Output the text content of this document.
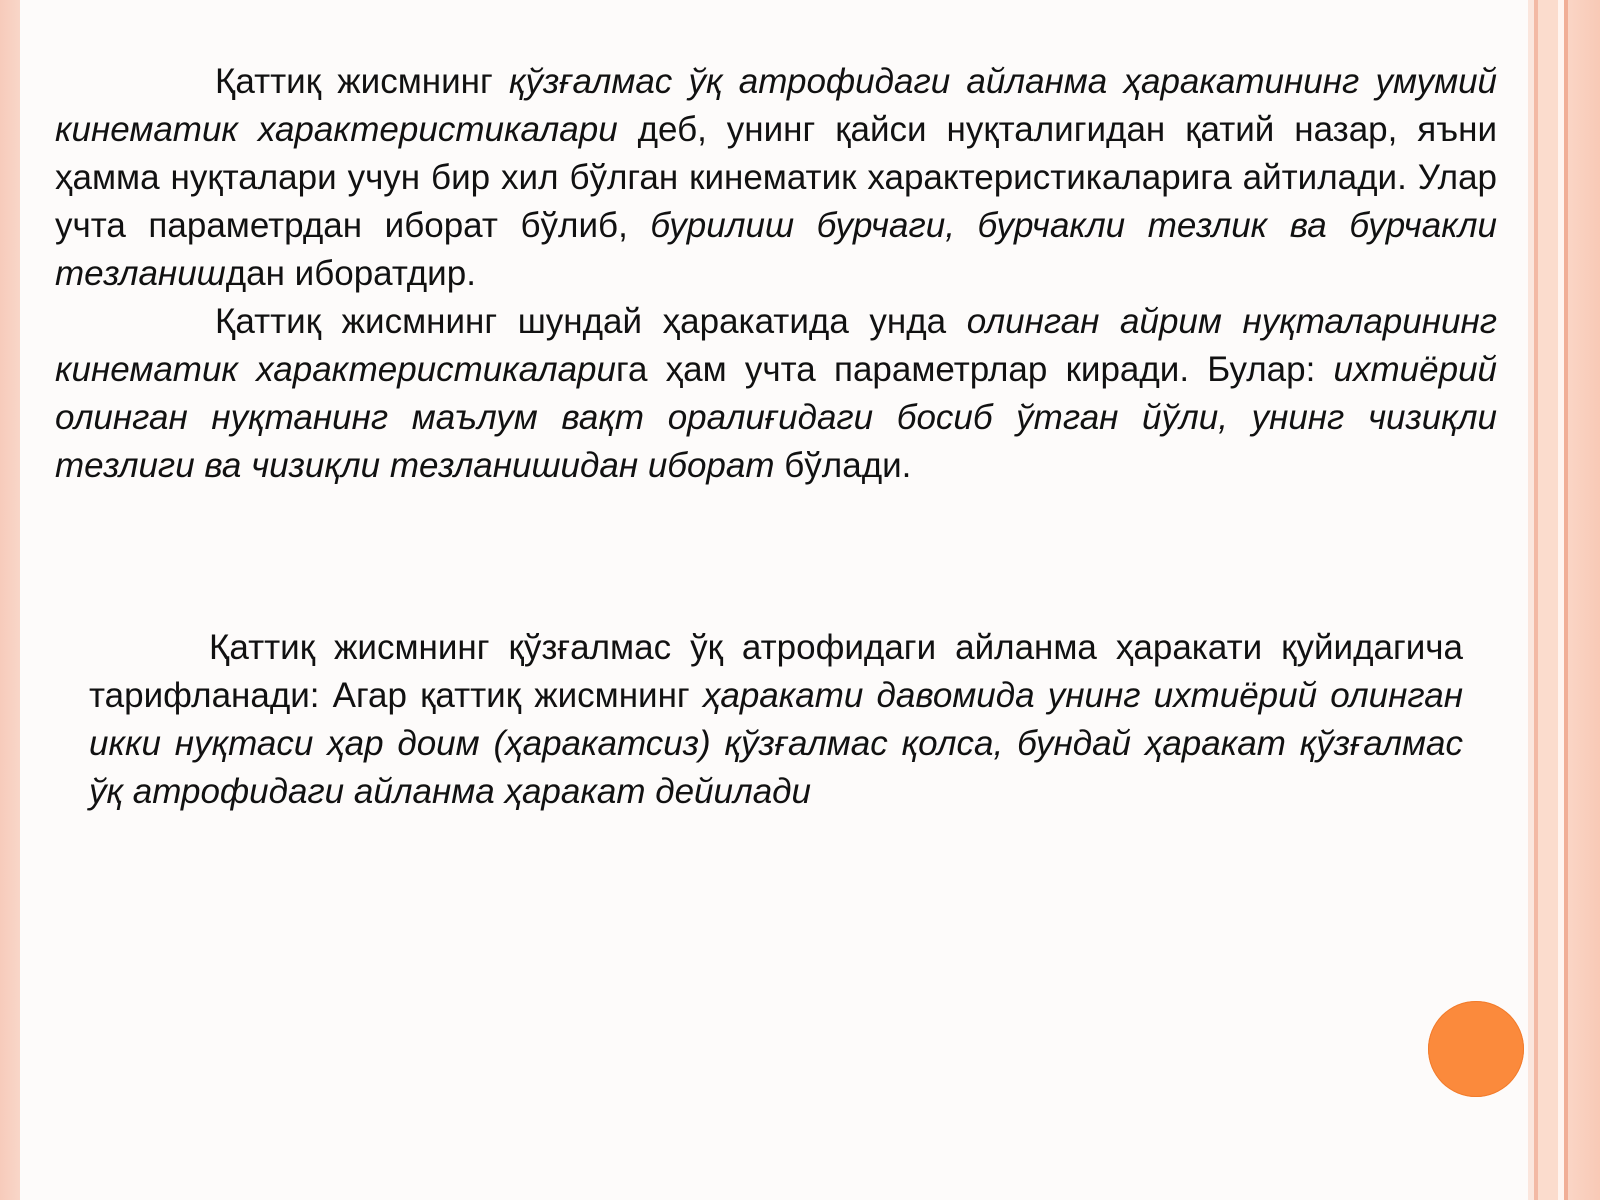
Қаттиқ жисмнинг қўзғалмас ўқ атрофидаги айланма ҳаракатининг умумий кинематик характеристикалари деб, унинг қайси нуқталигидан қатий назар, яъни ҳамма нуқталари учун бир хил бўлган кинематик характеристикаларига айтилади. Улар учта параметрдан иборат бўлиб, бурилиш бурчаги, бурчакли тезлик ва бурчакли тезланишдан иборатдир.

Қаттиқ жисмнинг шундай ҳаракатида унда олинган айрим нуқталарининг кинематик характеристикаларига ҳам учта параметрлар киради. Булар: ихтиёрий олинган нуқтанинг маълум вақт оралиғидаги босиб ўтган йўли, унинг чизиқли тезлиги ва чизиқли тезланишидан иборат бўлади.

Қаттиқ жисмнинг қўзғалмас ўқ атрофидаги айланма ҳаракати қуйидагича тарифланади: Агар қаттиқ жисмнинг ҳаракати давомида унинг ихтиёрий олинган икки нуқтаси ҳар доим (ҳаракатсиз) қўзғалмас қолса, бундай ҳаракат қўзғалмас ўқ атрофидаги айланма ҳаракат дейилади
